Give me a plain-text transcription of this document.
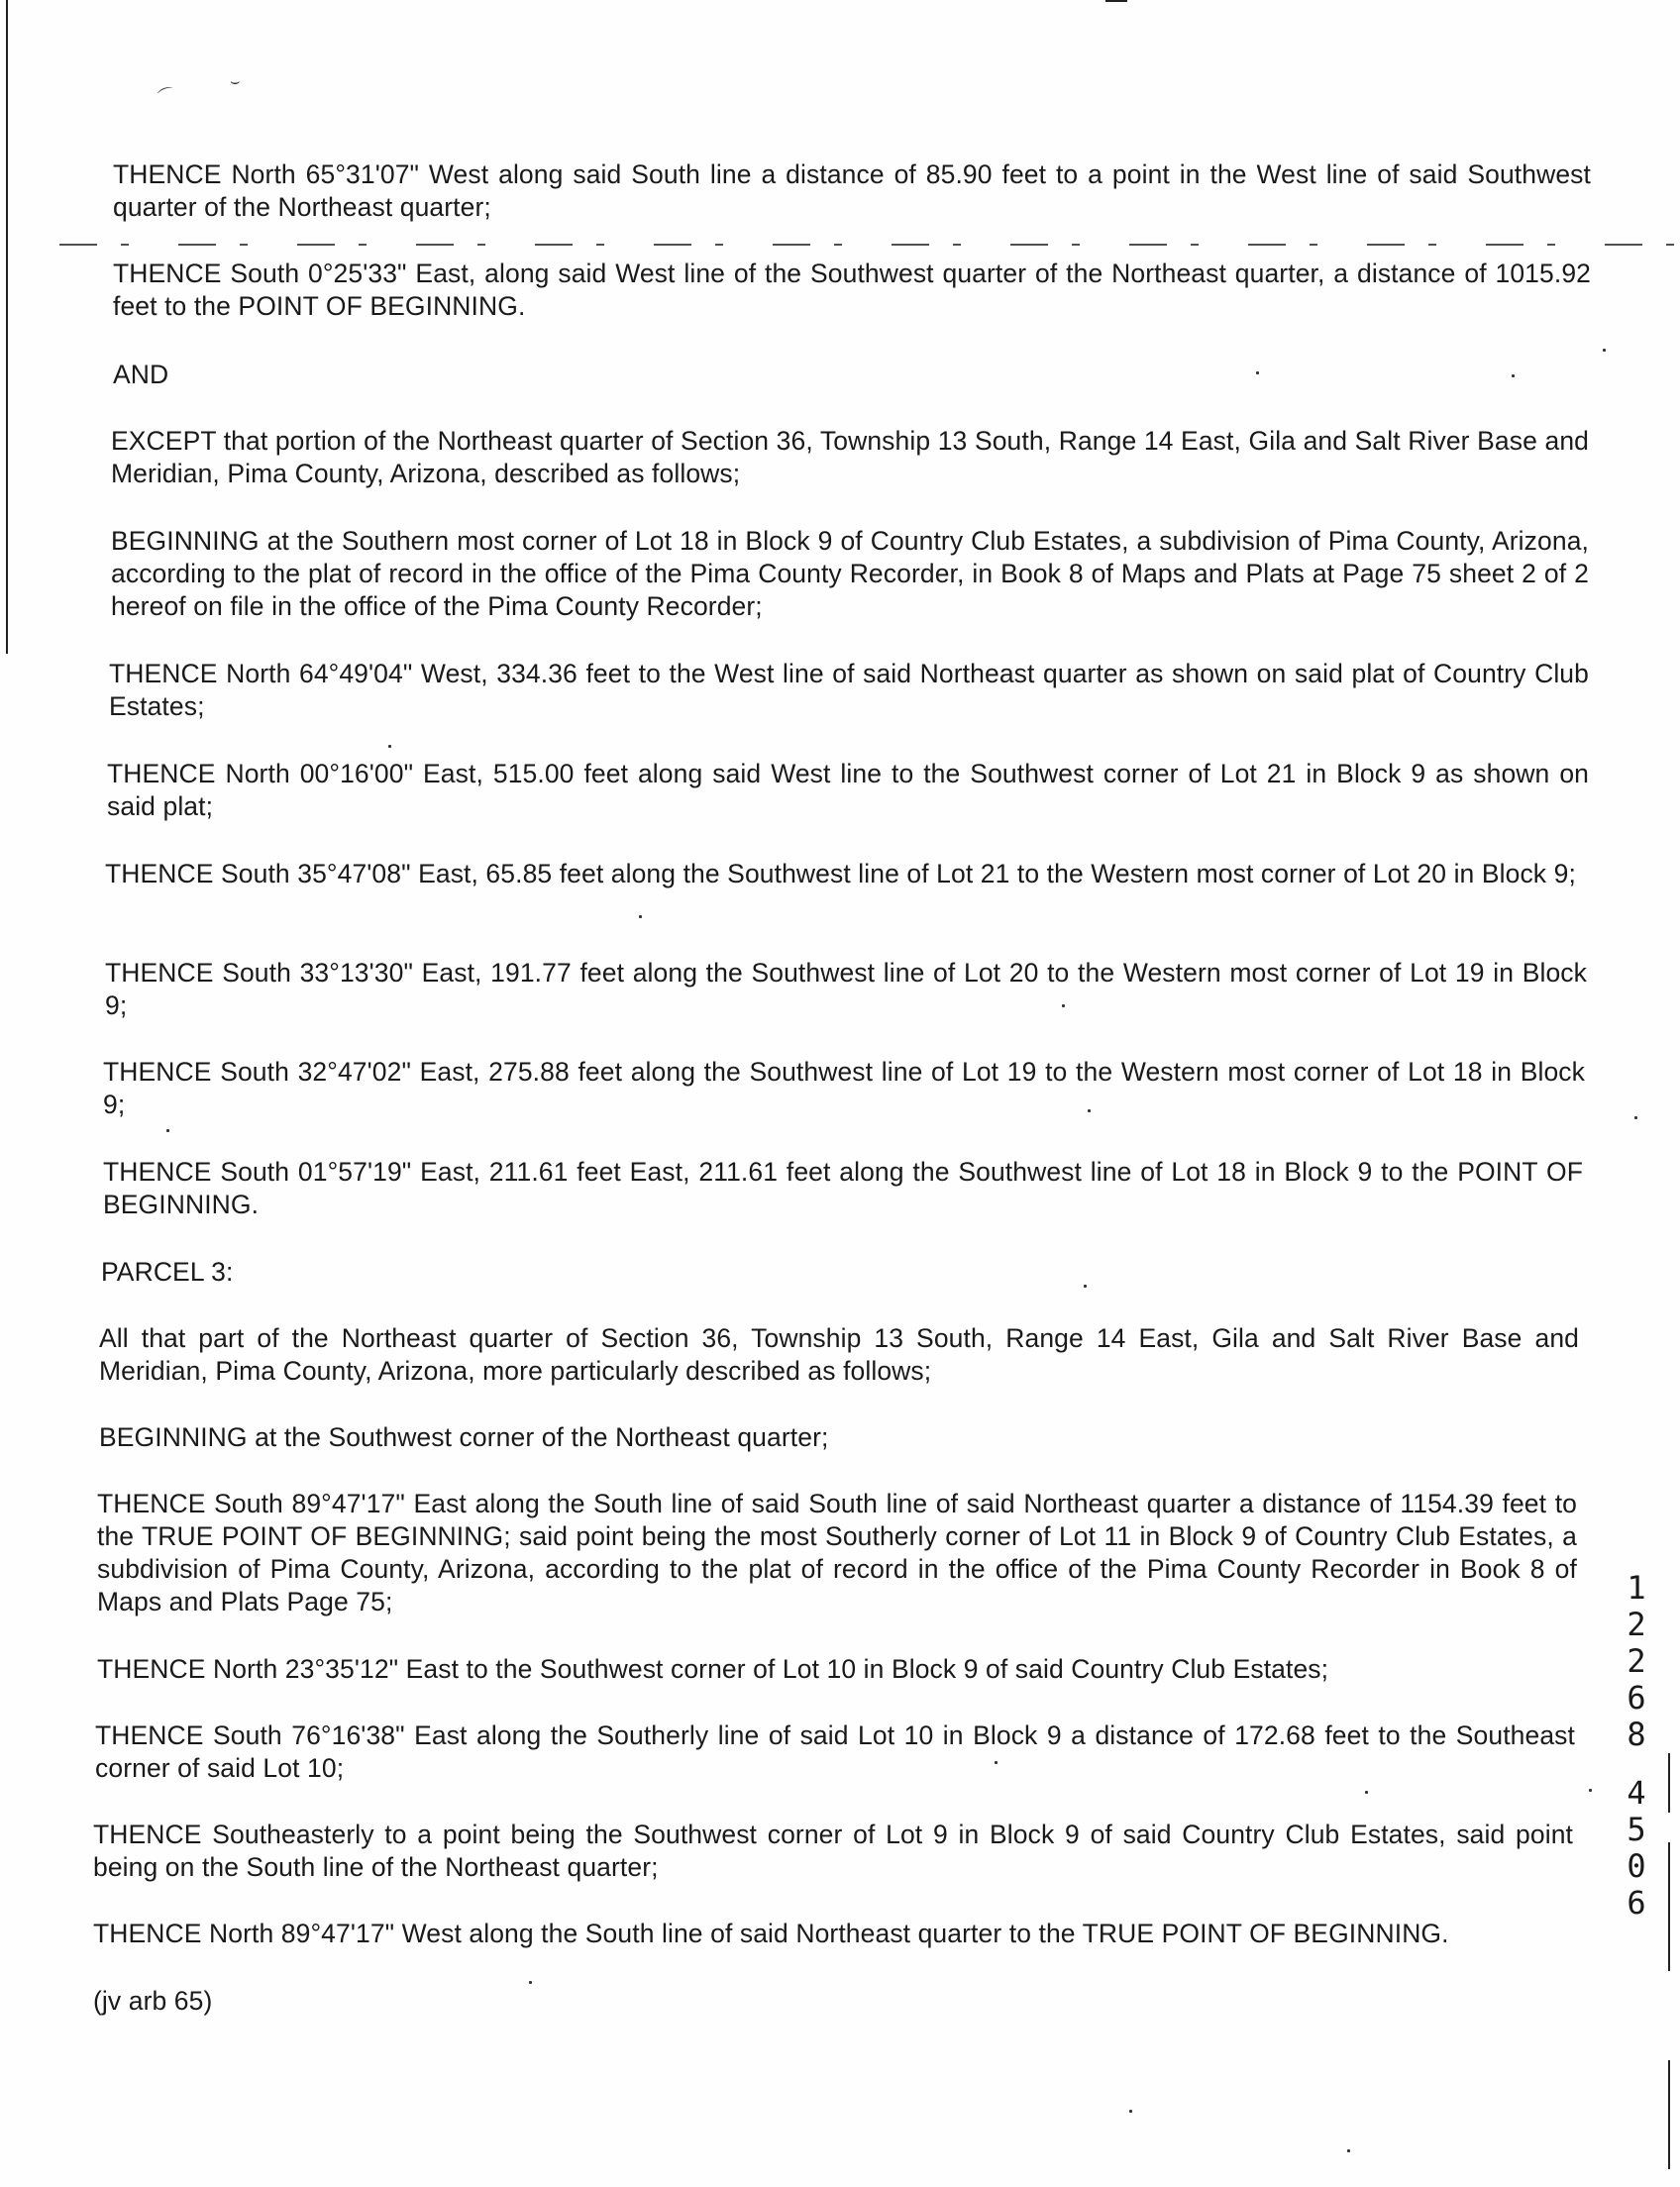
⌒
⌣

THENCE North 65°31'07" West along said South line a distance of 85.90 feet to a point in the West line of said Southwest quarter of the Northeast quarter;

THENCE South 0°25'33" East, along said West line of the Southwest quarter of the Northeast quarter, a distance of 1015.92 feet to the POINT OF BEGINNING.

AND

EXCEPT that portion of the Northeast quarter of Section 36, Township 13 South, Range 14 East, Gila and Salt River Base and Meridian, Pima County, Arizona, described as follows;

BEGINNING at the Southern most corner of Lot 18 in Block 9 of Country Club Estates, a subdivision of Pima County, Arizona, according to the plat of record in the office of the Pima County Recorder, in Book 8 of Maps and Plats at Page 75 sheet 2 of 2 hereof on file in the office of the Pima County Recorder;

THENCE North 64°49'04" West, 334.36 feet to the West line of said Northeast quarter as shown on said plat of Country Club Estates;

THENCE North 00°16'00" East, 515.00 feet along said West line to the Southwest corner of Lot 21 in Block 9 as shown on said plat;

THENCE South 35°47'08" East, 65.85 feet along the Southwest line of Lot 21 to the Western most corner of Lot 20 in Block 9;

THENCE South 33°13'30" East, 191.77 feet along the Southwest line of Lot 20 to the Western most corner of Lot 19 in Block 9;

THENCE South 32°47'02" East, 275.88 feet along the Southwest line of Lot 19 to the Western most corner of Lot 18 in Block 9;

THENCE South 01°57'19" East, 211.61 feet East, 211.61 feet along the Southwest line of Lot 18 in Block 9 to the POINT OF BEGINNING.

PARCEL 3:

All that part of the Northeast quarter of Section 36, Township 13 South, Range 14 East, Gila and Salt River Base and Meridian, Pima County, Arizona, more particularly described as follows;

BEGINNING at the Southwest corner of the Northeast quarter;

THENCE South 89°47'17" East along the South line of said South line of said Northeast quarter a distance of 1154.39 feet to the TRUE POINT OF BEGINNING; said point being the most Southerly corner of Lot 11 in Block 9 of Country Club Estates, a subdivision of Pima County, Arizona, according to the plat of record in the office of the Pima County Recorder in Book 8 of Maps and Plats Page 75;

THENCE North 23°35'12" East to the Southwest corner of Lot 10 in Block 9 of said Country Club Estates;

THENCE South 76°16'38" East along the Southerly line of said Lot 10 in Block 9 a distance of 172.68 feet to the Southeast corner of said Lot 10;

THENCE Southeasterly to a point being the Southwest corner of Lot 9 in Block 9 of said Country Club Estates, said point being on the South line of the Northeast quarter;

THENCE North 89°47'17" West along the South line of said Northeast quarter to the TRUE POINT OF BEGINNING.

(jv arb 65)

1
2
2
6
8
4
5
0
6
